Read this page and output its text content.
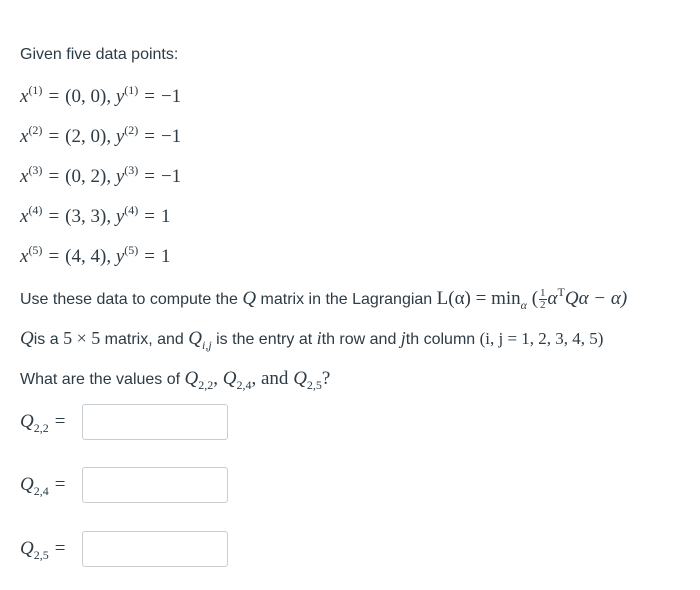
Given five data points:
$x^{(1)} = (0$, 0), $y^{(1)} = -1$
$x^{(2)} = (2$, 0), $y^{(2)} = -1$
$x^{(3)} = (0$, 2), $y^{(3)} = -1$
$x^{(4)} = (3$, 3), $y^{(4)} = 1$
$x^{(5)} = (4$, 4), $y^{(5)} = 1$
Use these data to compute the Q matrix in the Lagrangian $L(\alpha) = \min_\alpha$ ( $\frac{1}{2} \alpha^TQ\alpha - \alpha$)
Qis a 5 × 5 matrix, and $Q_{i,j}$ is the entry at ith row and jth column (i, j = 1, 2, 3, 4, 5)
What are the values of $Q_{2,2}$, $Q_{2,4}$, and $Q_{2,5}$?
$Q_{2,2}$ =
$Q_{2,4}$ =
$Q_{2,5}$ =
